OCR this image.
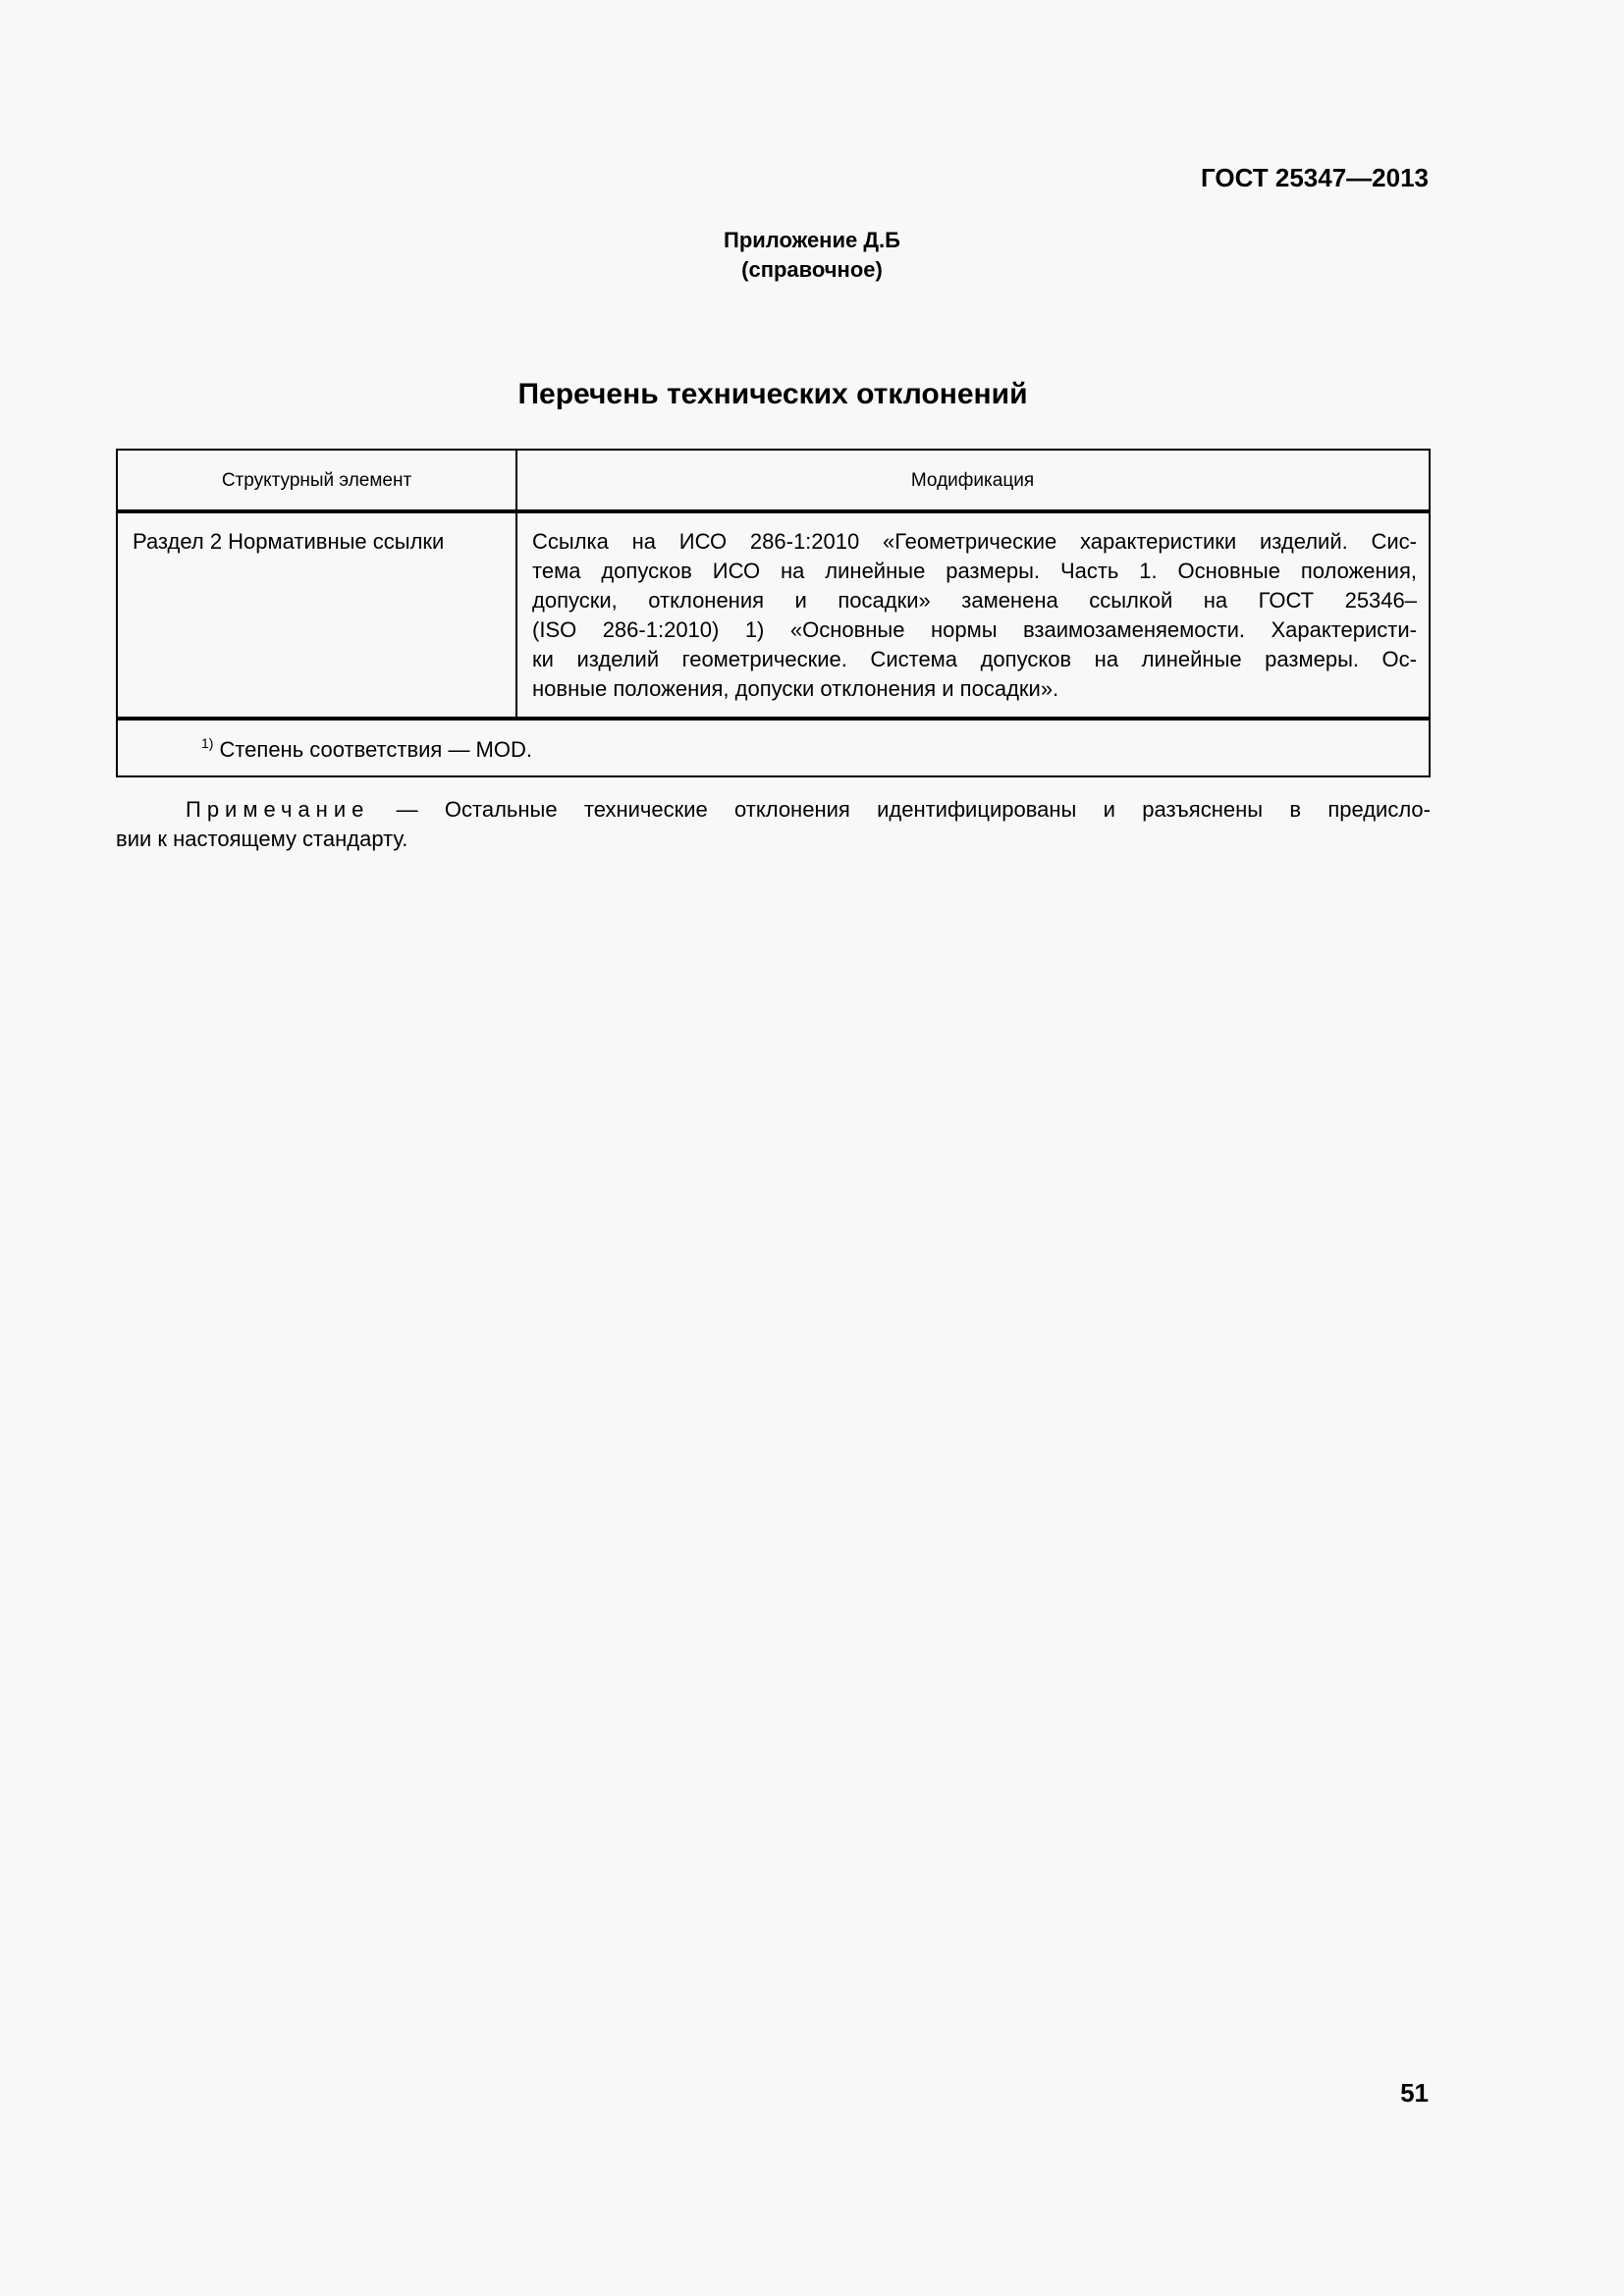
ГОСТ 25347—2013
Приложение Д.Б
(справочное)
Перечень технических отклонений
Структурный элемент	Модификация
Раздел 2 Нормативные ссылки	Ссылка на ИСО 286-1:2010 «Геометрические характеристики изделий. Сис-
тема допусков ИСО на линейные размеры. Часть 1. Основные положения,
допуски, отклонения и посадки» заменена ссылкой на ГОСТ 25346–
(ISO 286-1:2010) 1) «Основные нормы взаимозаменяемости. Характеристи-
ки изделий геометрические. Система допусков на линейные размеры. Ос-
новные положения, допуски отклонения и посадки».
$^{1)}$ Степень соответствия — MOD.
Примечание — Остальные технические отклонения идентифицированы и разъяснены в предисло-
вии к настоящему стандарту.
51
